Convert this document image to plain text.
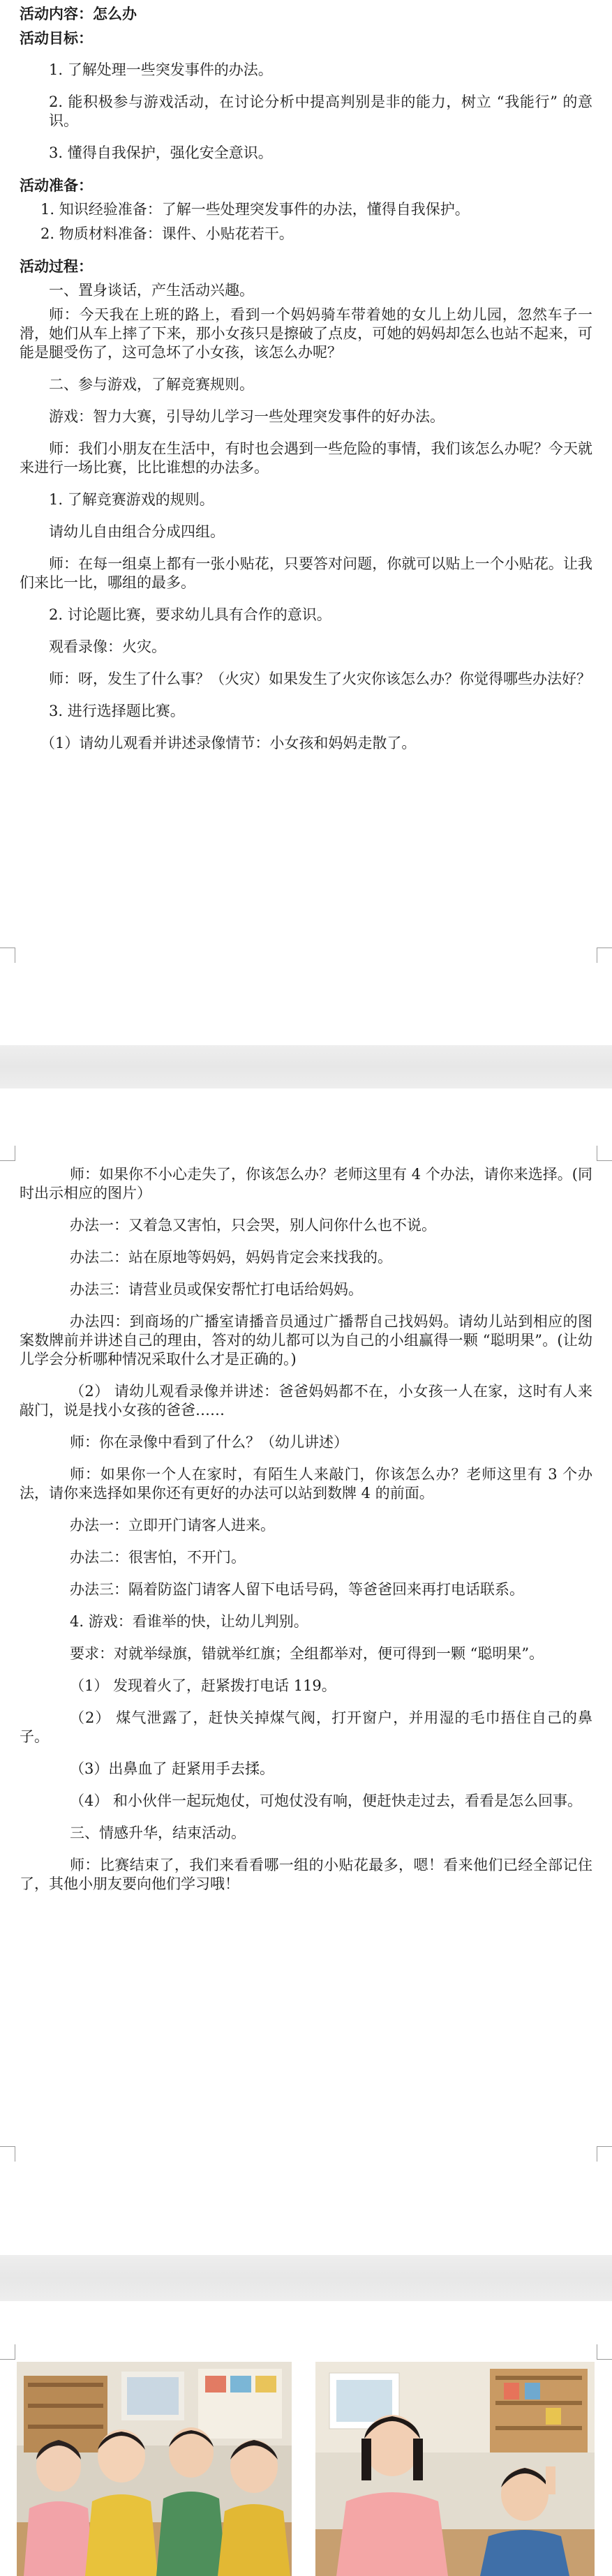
活动内容：怎么办

活动目标：

1. 了解处理一些突发事件的办法。

2. 能积极参与游戏活动，在讨论分析中提高判别是非的能力，树立 “我能行” 的意识。

3. 懂得自我保护，强化安全意识。

活动准备：

1. 知识经验准备：了解一些处理突发事件的办法，懂得自我保护。

2. 物质材料准备：课件、小贴花若干。

活动过程：

一、置身谈话，产生活动兴趣。

师：今天我在上班的路上，看到一个妈妈骑车带着她的女儿上幼儿园，忽然车子一滑，她们从车上摔了下来，那小女孩只是擦破了点皮，可她的妈妈却怎么也站不起来，可能是腿受伤了，这可急坏了小女孩，该怎么办呢？

二、参与游戏，了解竞赛规则。

游戏：智力大赛，引导幼儿学习一些处理突发事件的好办法。

师：我们小朋友在生活中，有时也会遇到一些危险的事情，我们该怎么办呢？今天就来进行一场比赛，比比谁想的办法多。

1. 了解竞赛游戏的规则。

请幼儿自由组合分成四组。

师：在每一组桌上都有一张小贴花，只要答对问题，你就可以贴上一个小贴花。让我们来比一比，哪组的最多。

2. 讨论题比赛，要求幼儿具有合作的意识。

观看录像：火灾。

师：呀，发生了什么事？（火灾）如果发生了火灾你该怎么办？你觉得哪些办法好？

3. 进行选择题比赛。

（1）请幼儿观看并讲述录像情节：小女孩和妈妈走散了。

师：如果你不小心走失了，你该怎么办？老师这里有 4 个办法，请你来选择。(同时出示相应的图片）

办法一：又着急又害怕，只会哭，别人问你什么也不说。

办法二：站在原地等妈妈，妈妈肯定会来找我的。

办法三：请营业员或保安帮忙打电话给妈妈。

办法四：到商场的广播室请播音员通过广播帮自己找妈妈。请幼儿站到相应的图案数牌前并讲述自己的理由，答对的幼儿都可以为自己的小组赢得一颗 “聪明果”。(让幼儿学会分析哪种情况采取什么才是正确的。)

（2） 请幼儿观看录像并讲述：爸爸妈妈都不在，小女孩一人在家，这时有人来敲门，说是找小女孩的爸爸……

师：你在录像中看到了什么？（幼儿讲述）

师：如果你一个人在家时，有陌生人来敲门，你该怎么办？老师这里有 3 个办法，请你来选择如果你还有更好的办法可以站到数牌 4 的前面。

办法一：立即开门请客人进来。

办法二：很害怕，不开门。

办法三：隔着防盗门请客人留下电话号码，等爸爸回来再打电话联系。

4. 游戏：看谁举的快，让幼儿判别。

要求：对就举绿旗，错就举红旗；全组都举对，便可得到一颗 “聪明果”。

（1） 发现着火了，赶紧拨打电话 119。

（2） 煤气泄露了，赶快关掉煤气阀，打开窗户，并用湿的毛巾捂住自己的鼻子。

（3）出鼻血了 赶紧用手去揉。

（4） 和小伙伴一起玩炮仗，可炮仗没有响，便赶快走过去，看看是怎么回事。

三、情感升华，结束活动。

师：比赛结束了，我们来看看哪一组的小贴花最多，嗯！看来他们已经全部记住了，其他小朋友要向他们学习哦！
